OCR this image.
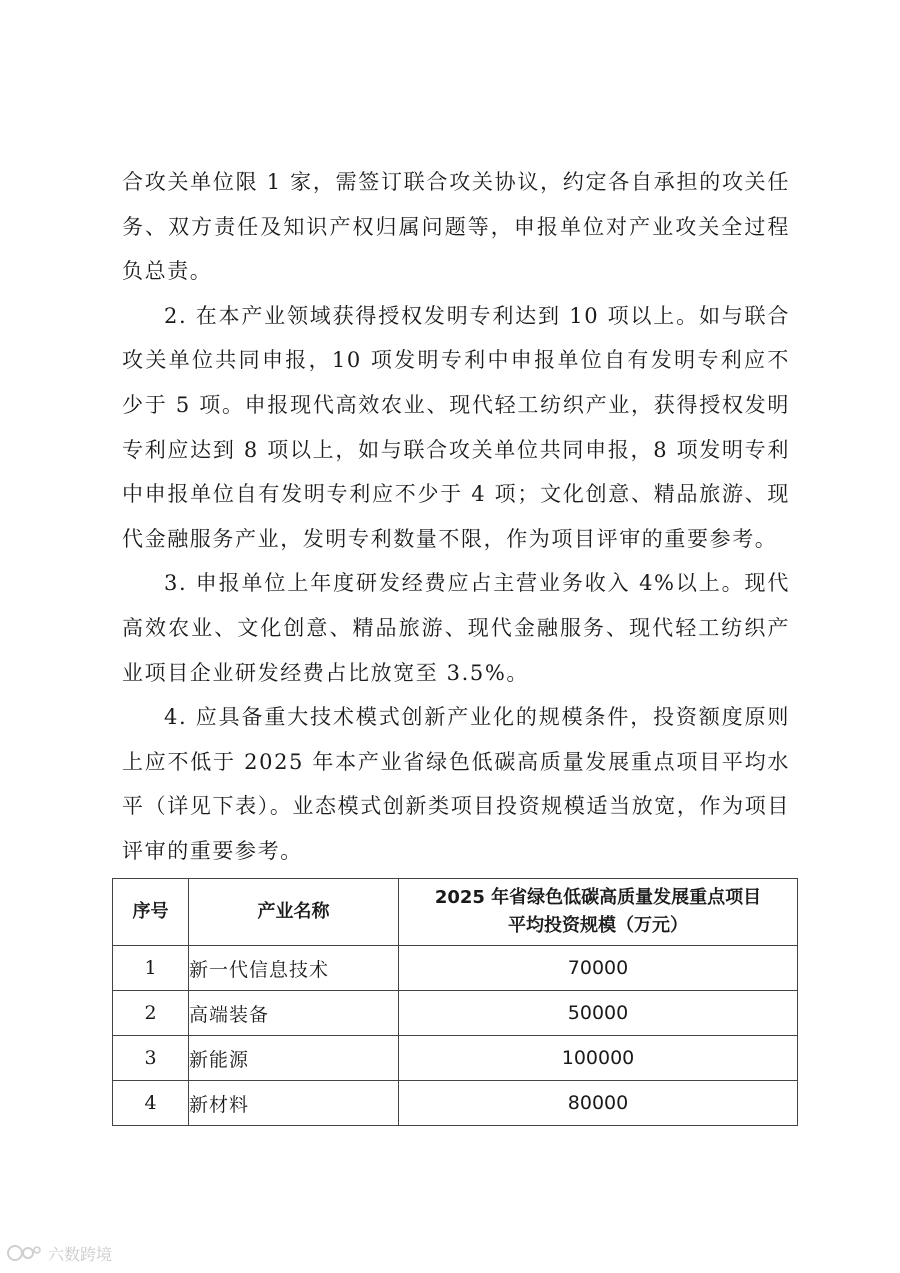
合攻关单位限 1 家，需签订联合攻关协议，约定各自承担的攻关任务、双方责任及知识产权归属问题等，申报单位对产业攻关全过程负总责。

2. 在本产业领域获得授权发明专利达到 10 项以上。如与联合攻关单位共同申报，10 项发明专利中申报单位自有发明专利应不少于 5 项。申报现代高效农业、现代轻工纺织产业，获得授权发明专利应达到 8 项以上，如与联合攻关单位共同申报，8 项发明专利中申报单位自有发明专利应不少于 4 项；文化创意、精品旅游、现代金融服务产业，发明专利数量不限，作为项目评审的重要参考。

3. 申报单位上年度研发经费应占主营业务收入 4%以上。现代高效农业、文化创意、精品旅游、现代金融服务、现代轻工纺织产业项目企业研发经费占比放宽至 3.5%。

4. 应具备重大技术模式创新产业化的规模条件，投资额度原则上应不低于 2025 年本产业省绿色低碳高质量发展重点项目平均水平（详见下表）。业态模式创新类项目投资规模适当放宽，作为项目评审的重要参考。

序号	产业名称	2025 年省绿色低碳高质量发展重点项目
平均投资规模（万元）
1	新一代信息技术	70000
2	高端装备	50000
3	新能源	100000
4	新材料	80000
六数跨境
